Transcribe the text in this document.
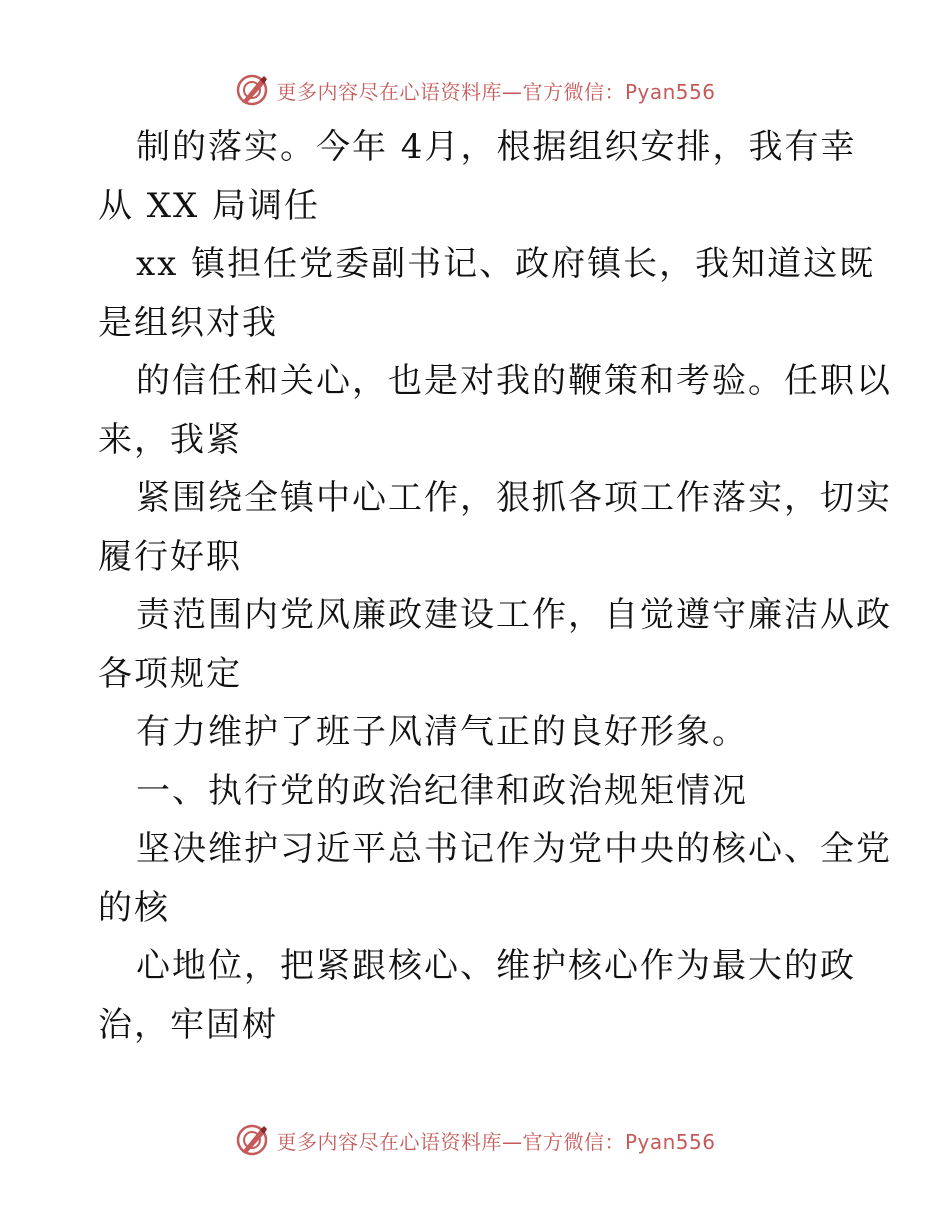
更多内容尽在心语资料库—官方微信：Pyan556
制的落实。今年 4月，根据组织安排，我有幸
从 XX 局调任
xx 镇担任党委副书记、政府镇长，我知道这既
是组织对我
的信任和关心，也是对我的鞭策和考验。任职以
来，我紧
紧围绕全镇中心工作，狠抓各项工作落实，切实
履行好职
责范围内党风廉政建设工作，自觉遵守廉洁从政
各项规定
有力维护了班子风清气正的良好形象。
一、执行党的政治纪律和政治规矩情况
坚决维护习近平总书记作为党中央的核心、全党
的核
心地位，把紧跟核心、维护核心作为最大的政
治，牢固树
更多内容尽在心语资料库—官方微信：Pyan556
